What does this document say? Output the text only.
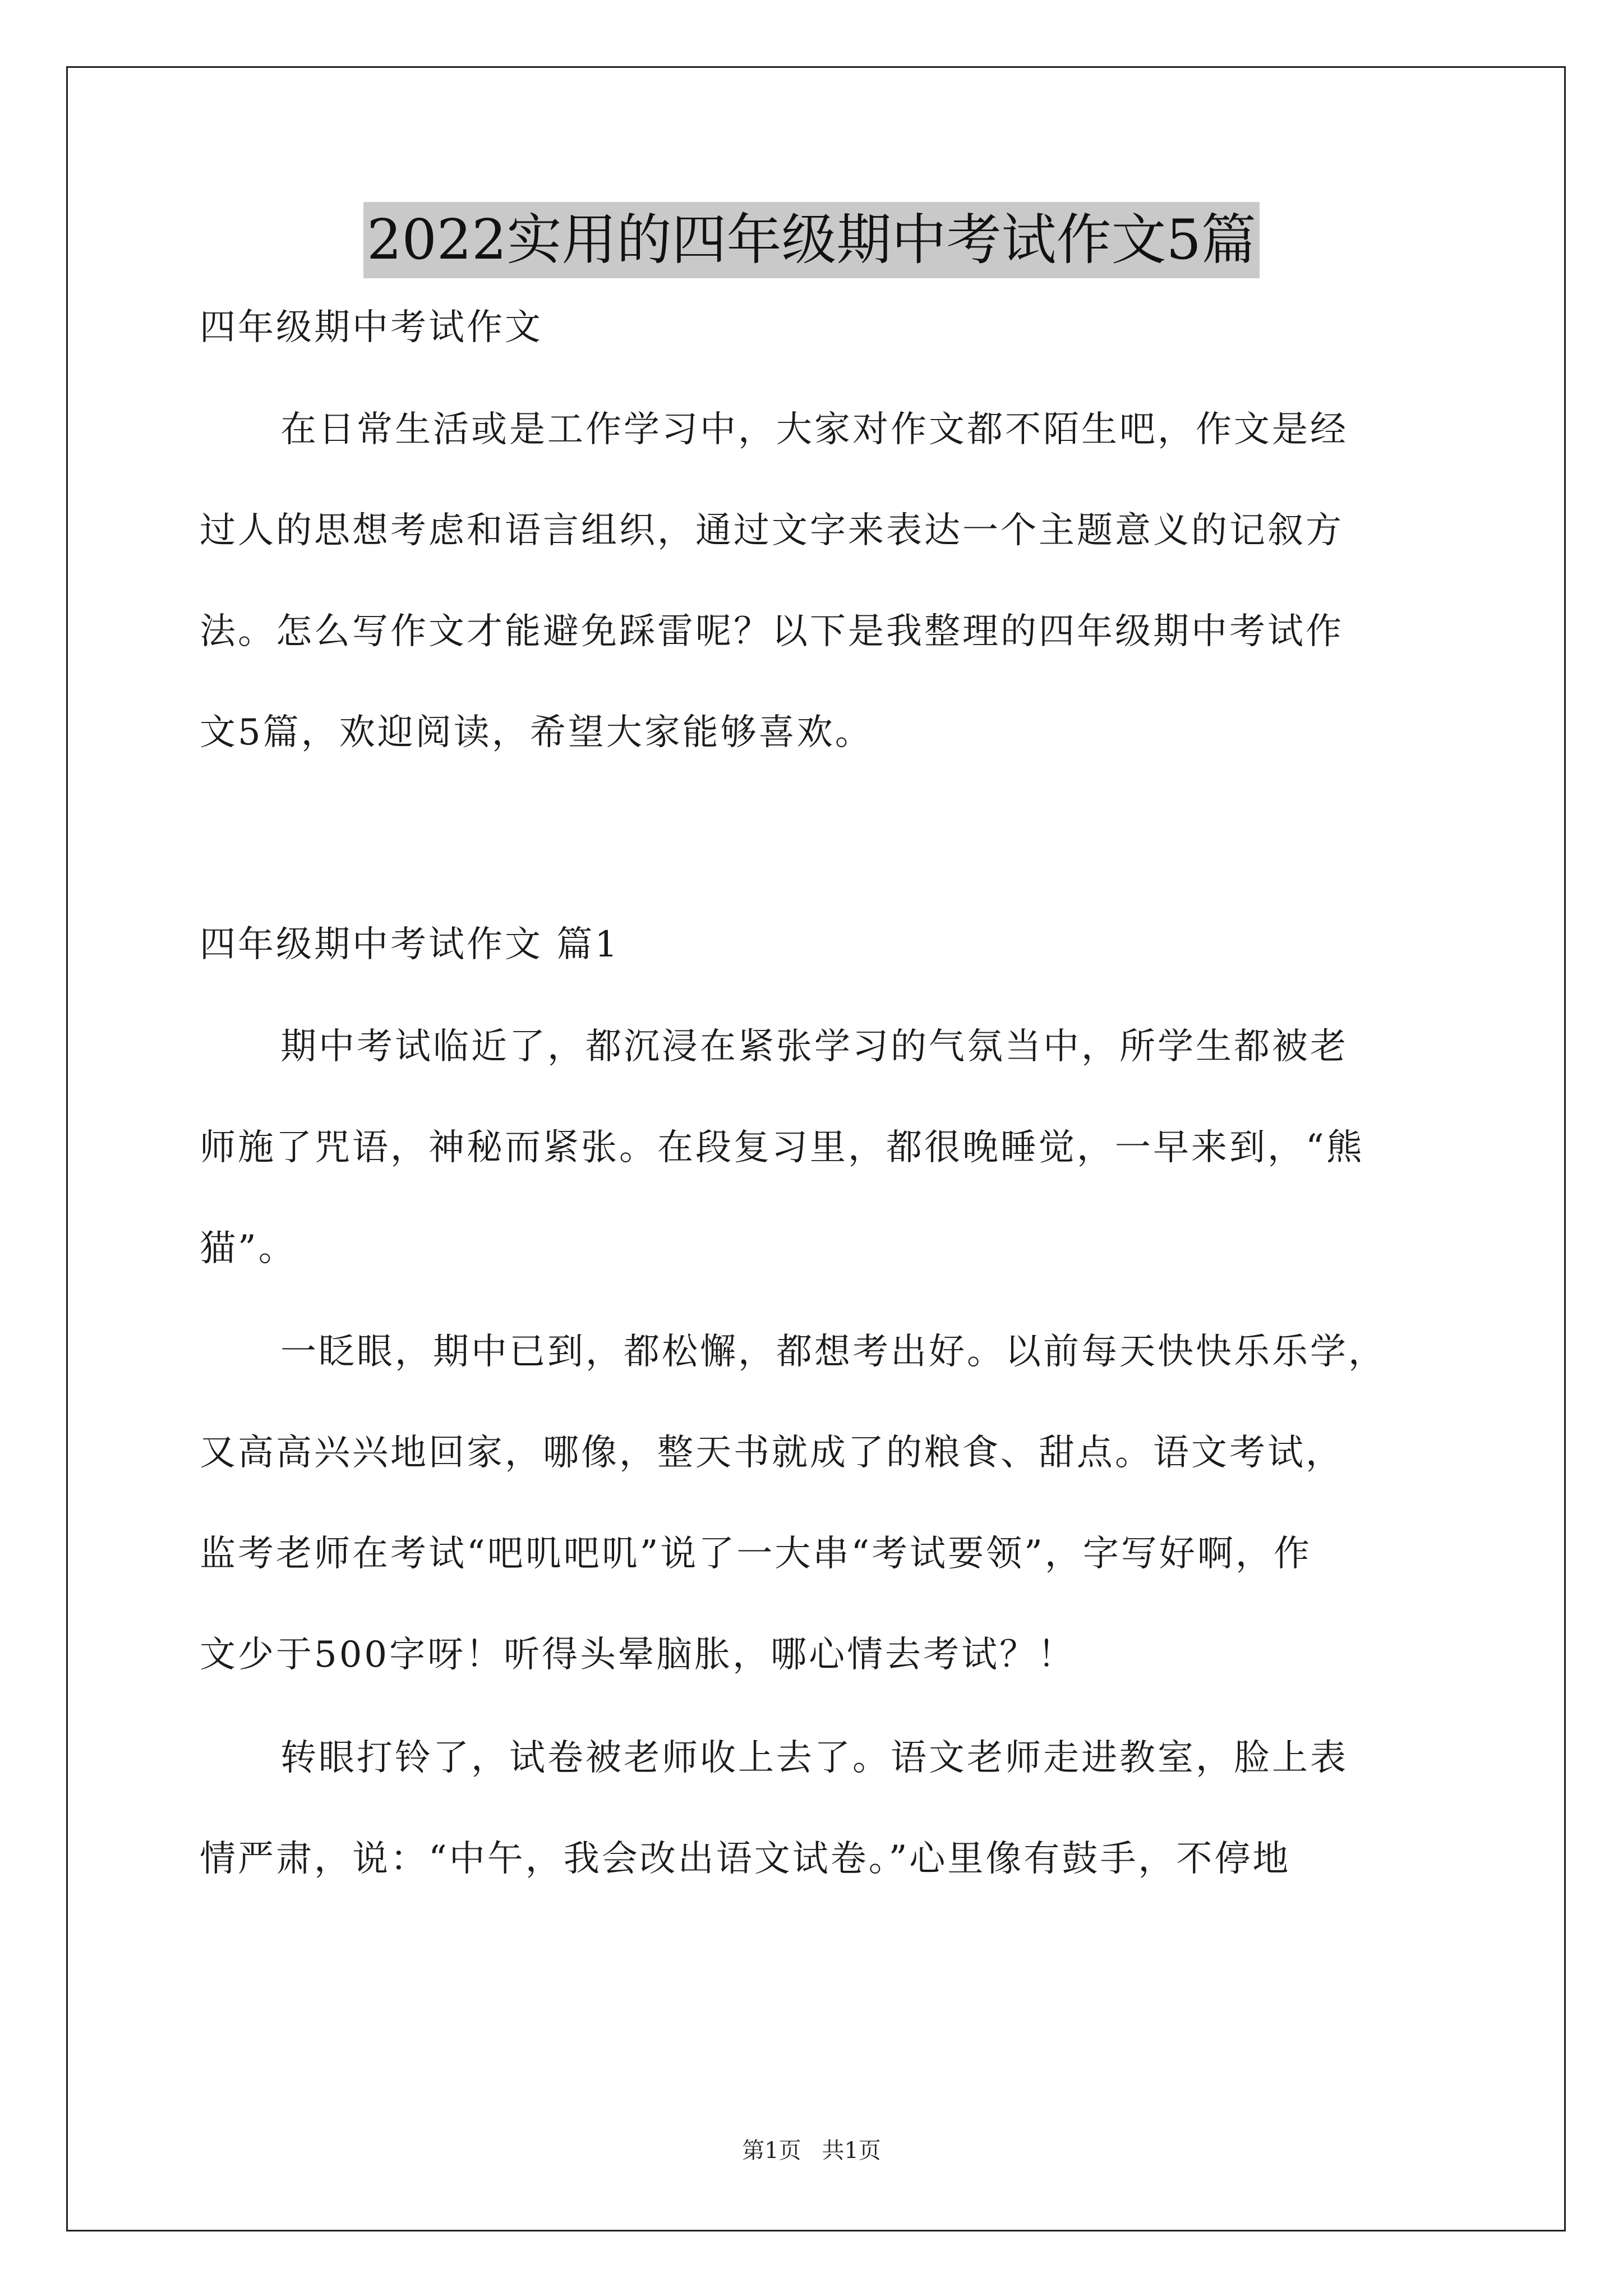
2022实用的四年级期中考试作文5篇
四年级期中考试作文
在日常生活或是工作学习中，大家对作文都不陌生吧，作文是经
过人的思想考虑和语言组织，通过文字来表达一个主题意义的记叙方
法。怎么写作文才能避免踩雷呢？以下是我整理的四年级期中考试作
文5篇，欢迎阅读，希望大家能够喜欢。
四年级期中考试作文 篇1
期中考试临近了，都沉浸在紧张学习的气氛当中，所学生都被老
师施了咒语，神秘而紧张。在段复习里，都很晚睡觉，一早来到，“熊
猫”。
一眨眼，期中已到，都松懈，都想考出好。以前每天快快乐乐学，
又高高兴兴地回家，哪像，整天书就成了的粮食、甜点。语文考试，
监考老师在考试“吧叽吧叽”说了一大串“考试要领”，字写好啊，作
文少于500字呀！听得头晕脑胀，哪心情去考试？！
转眼打铃了，试卷被老师收上去了。语文老师走进教室，脸上表
情严肃，说：“中午，我会改出语文试卷。”心里像有鼓手，不停地
第1页 共1页
